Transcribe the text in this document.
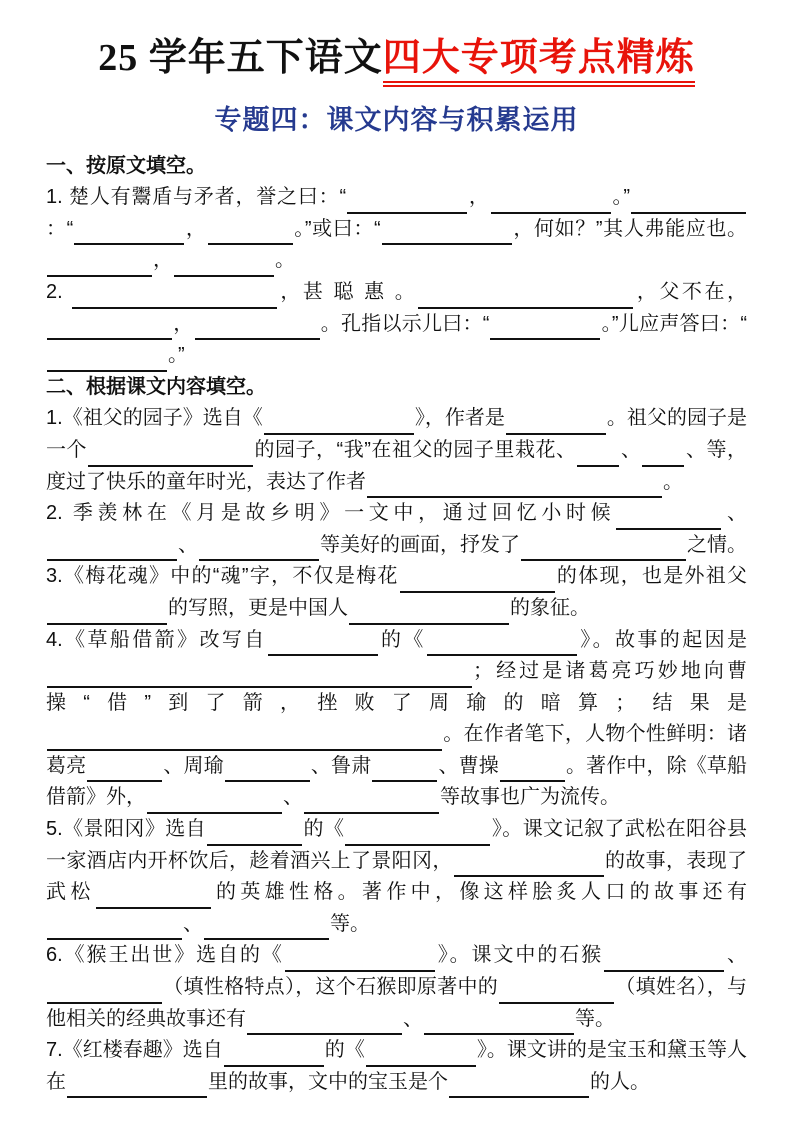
25 学年五下语文四大专项考点精炼
专题四：课文内容与积累运用
一、按原文填空。

1. 楚人有鬻盾与矛者，誉之曰：“	，	。”：“	，	。”或曰：“	，何如？”其人弗能应也。，	。

2.	，甚 聪 惠 。	，父不在，，	。孔指以示儿曰：“	。”儿应声答曰：“。”

二、根据课文内容填空。

1.《祖父的园子》选自《	》，作者是	。祖父的园子是一个	的园子，“我”在祖父的园子里栽花、 、 、等，度过了快乐的童年时光，表达了作者	。

2. 季羡林在《月是故乡明》一文中，通过回忆小时候	、、	等美好的画面，抒发了	之情。

3.《梅花魂》中的“魂”字，不仅是梅花	的体现，也是外祖父的写照，更是中国人	的象征。

4.《草船借箭》改写自	的《	》。故事的起因是；经过是诸葛亮巧妙地向曹操“借”到了箭，挫败了周瑜的暗算；结果是。在作者笔下，人物个性鲜明：诸葛亮	、周瑜	、鲁肃	、曹操	。著作中，除《草船借箭》外，	、	等故事也广为流传。

5.《景阳冈》选自	的《	》。课文记叙了武松在阳谷县一家酒店内开杯饮后，趁着酒兴上了景阳冈，	的故事，表现了武松	的英雄性格。著作中，像这样脍炙人口的故事还有、	等。

6.《猴王出世》选自的《	》。课文中的石猴	、（填性格特点），这个石猴即原著中的	（填姓名），与他相关的经典故事还有	、	等。

7.《红楼春趣》选自	的《	》。课文讲的是宝玉和黛玉等人在	里的故事，文中的宝玉是个	的人。
